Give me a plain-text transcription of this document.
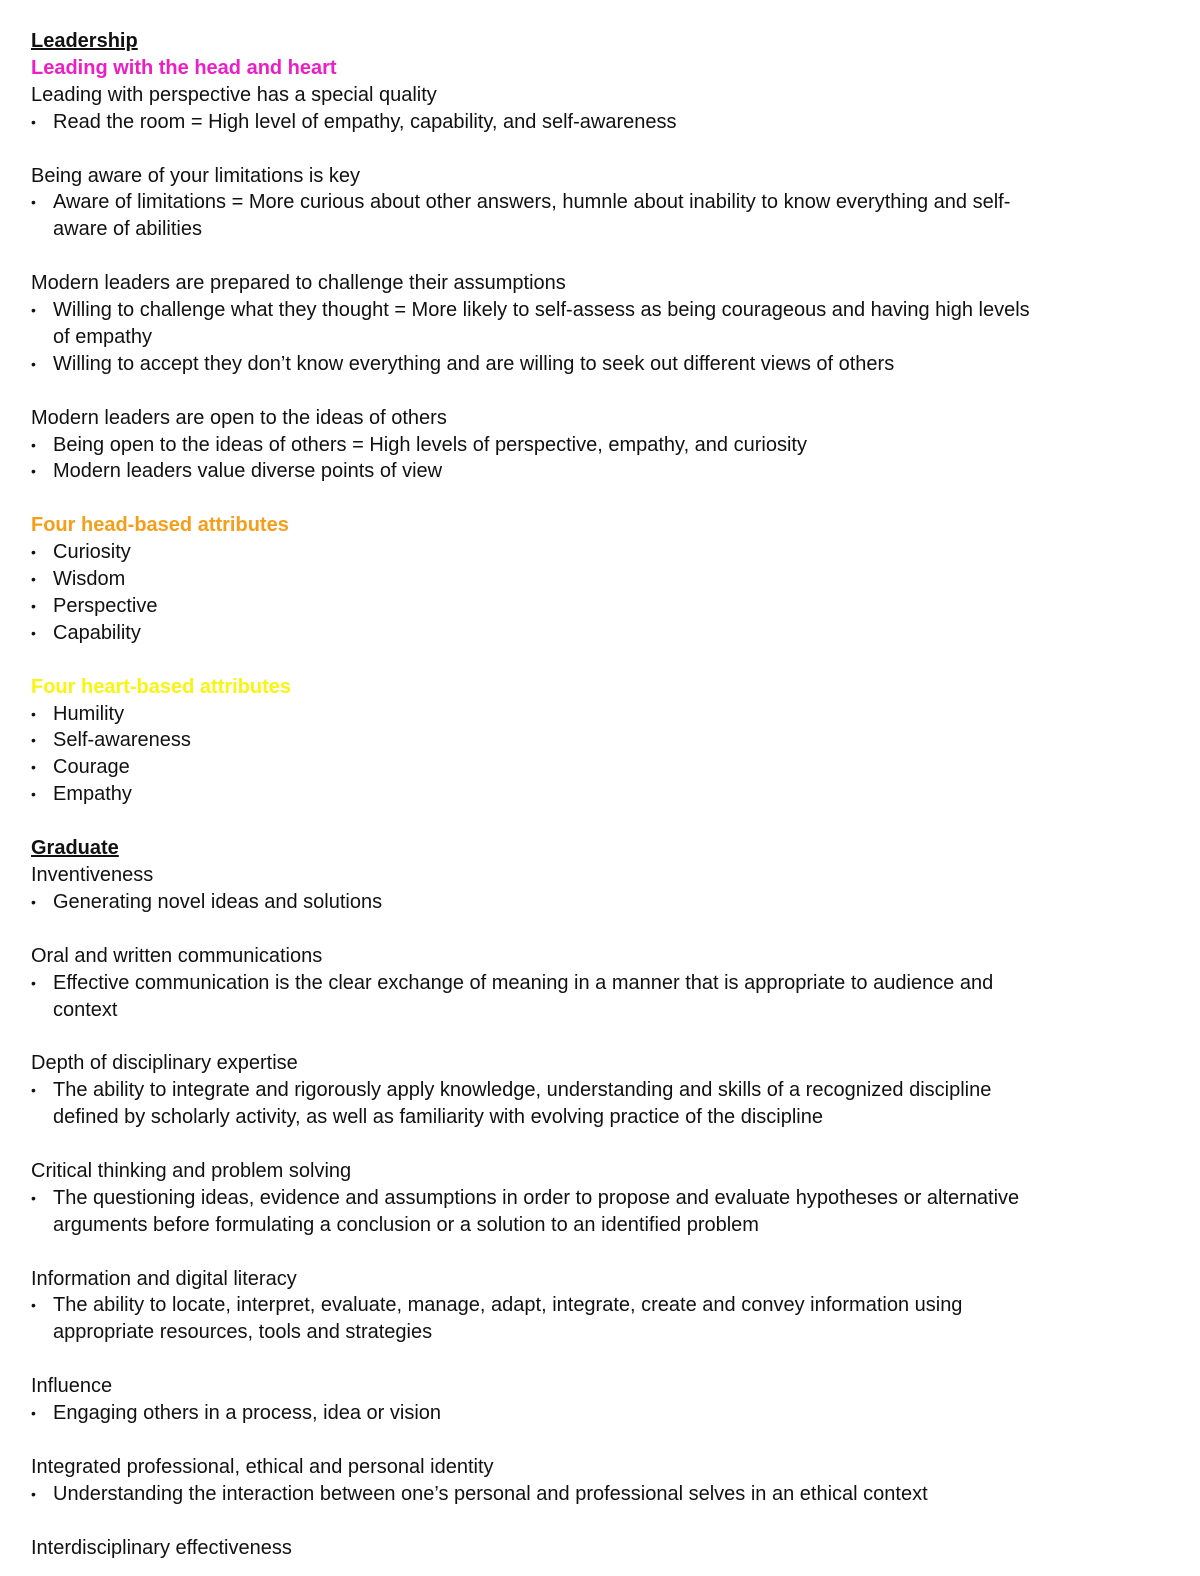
Leadership
Leading with the head and heart
Leading with perspective has a special quality
• Read the room = High level of empathy, capability, and self-awareness
Being aware of your limitations is key
• Aware of limitations = More curious about other answers, humnle about inability to know everything and self-
aware of abilities
Modern leaders are prepared to challenge their assumptions
• Willing to challenge what they thought = More likely to self-assess as being courageous and having high levels
of empathy
• Willing to accept they don’t know everything and are willing to seek out different views of others
Modern leaders are open to the ideas of others
• Being open to the ideas of others = High levels of perspective, empathy, and curiosity
• Modern leaders value diverse points of view
Four head-based attributes
• Curiosity
• Wisdom
• Perspective
• Capability
Four heart-based attributes
• Humility
• Self-awareness
• Courage
• Empathy
Graduate
Inventiveness
• Generating novel ideas and solutions
Oral and written communications
• Effective communication is the clear exchange of meaning in a manner that is appropriate to audience and
context
Depth of disciplinary expertise
• The ability to integrate and rigorously apply knowledge, understanding and skills of a recognized discipline
defined by scholarly activity, as well as familiarity with evolving practice of the discipline
Critical thinking and problem solving
• The questioning ideas, evidence and assumptions in order to propose and evaluate hypotheses or alternative
arguments before formulating a conclusion or a solution to an identified problem
Information and digital literacy
• The ability to locate, interpret, evaluate, manage, adapt, integrate, create and convey information using
appropriate resources, tools and strategies
Influence
• Engaging others in a process, idea or vision
Integrated professional, ethical and personal identity
• Understanding the interaction between one’s personal and professional selves in an ethical context
Interdisciplinary effectiveness
